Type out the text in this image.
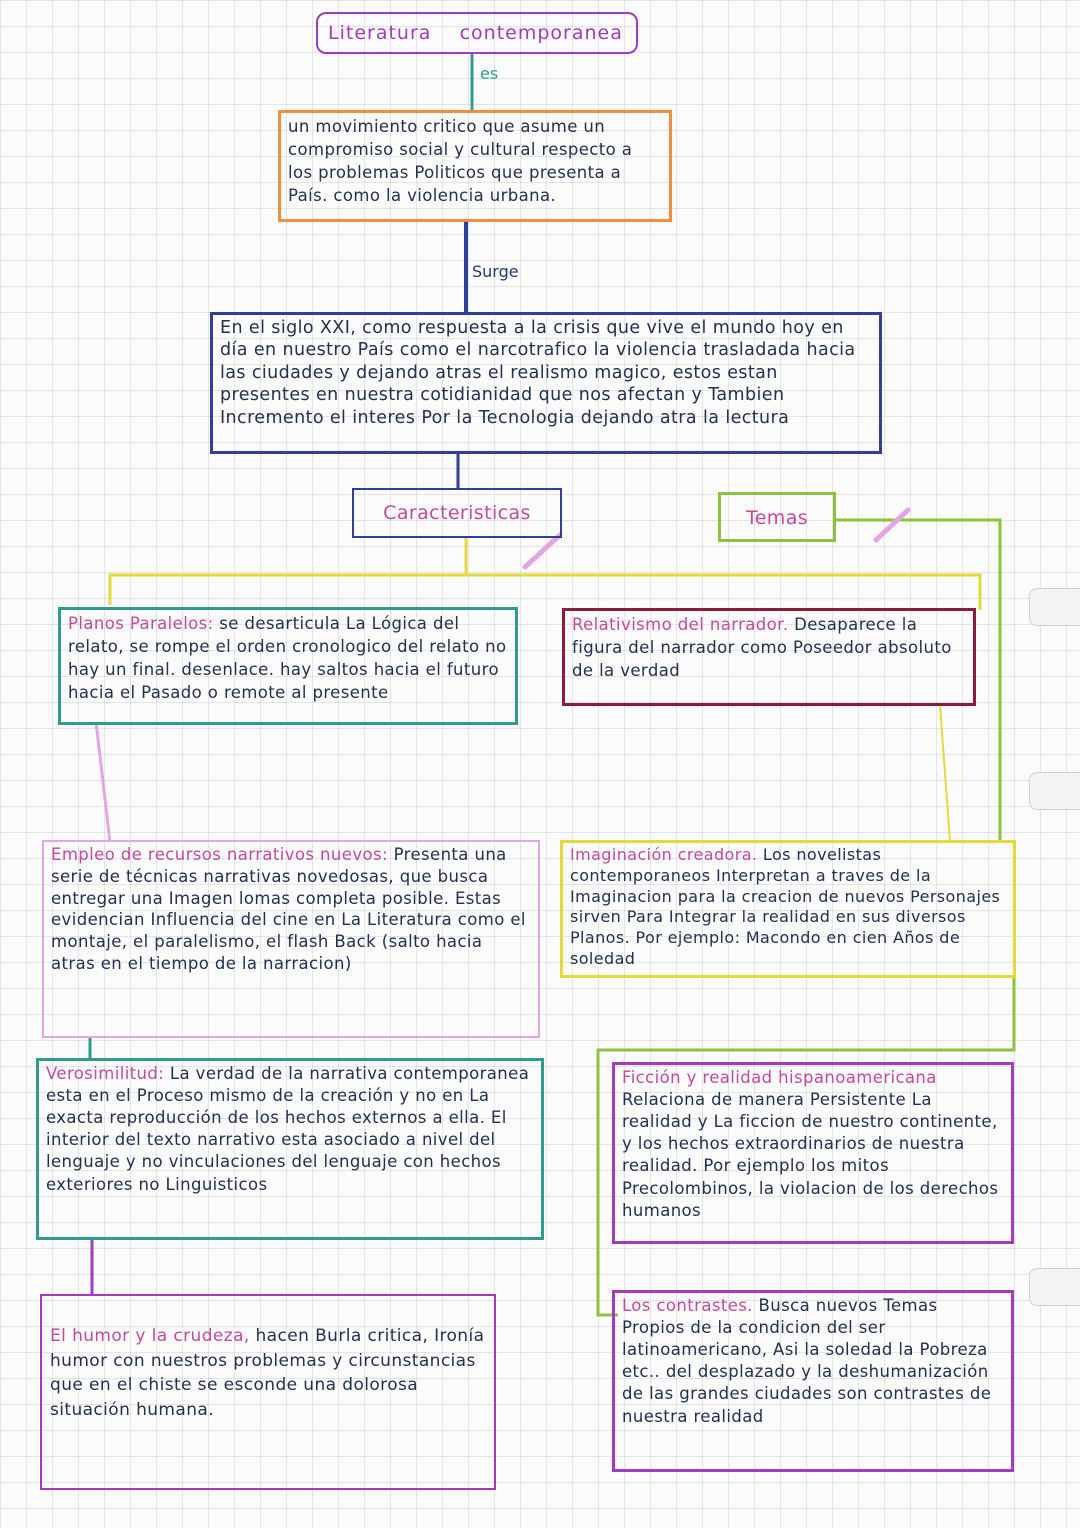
Literatura contemporanea
es
un movimiento critico que asume un compromiso social y cultural respecto a los problemas Politicos que presenta a País. como la violencia urbana.
Surge
En el siglo XXI, como respuesta a la crisis que vive el mundo hoy en día en nuestro País como el narcotrafico la violencia trasladada hacia las ciudades y dejando atras el realismo magico, estos estan presentes en nuestra cotidianidad que nos afectan y Tambien Incremento el interes Por la Tecnologia dejando atra la lectura
Caracteristicas	Temas
Planos Paralelos: se desarticula La Lógica del relato, se rompe el orden cronologico del relato no hay un final. desenlace. hay saltos hacia el futuro hacia el Pasado o remote al presente
Relativismo del narrador. Desaparece la figura del narrador como Poseedor absoluto de la verdad
Empleo de recursos narrativos nuevos: Presenta una serie de técnicas narrativas novedosas, que busca entregar una Imagen lomas completa posible. Estas evidencian Influencia del cine en La Literatura como el montaje, el paralelismo, el flash Back (salto hacia atras en el tiempo de la narracion)
Imaginación creadora. Los novelistas contemporaneos Interpretan a traves de la Imaginacion para la creacion de nuevos Personajes sirven Para Integrar la realidad en sus diversos Planos. Por ejemplo: Macondo en cien Años de soledad
Verosimilitud: La verdad de la narrativa contemporanea esta en el Proceso mismo de la creación y no en La exacta reproducción de los hechos externos a ella. El interior del texto narrativo esta asociado a nivel del lenguaje y no vinculaciones del lenguaje con hechos exteriores no Linguisticos
Ficción y realidad hispanoamericana Relaciona de manera Persistente La realidad y La ficcion de nuestro continente, y los hechos extraordinarios de nuestra realidad. Por ejemplo los mitos Precolombinos, la violacion de los derechos humanos
El humor y la crudeza, hacen Burla critica, Ironía humor con nuestros problemas y circunstancias que en el chiste se esconde una dolorosa situación humana.
Los contrastes. Busca nuevos Temas Propios de la condicion del ser latinoamericano, Asi la soledad la Pobreza etc.. del desplazado y la deshumanización de las grandes ciudades son contrastes de nuestra realidad
